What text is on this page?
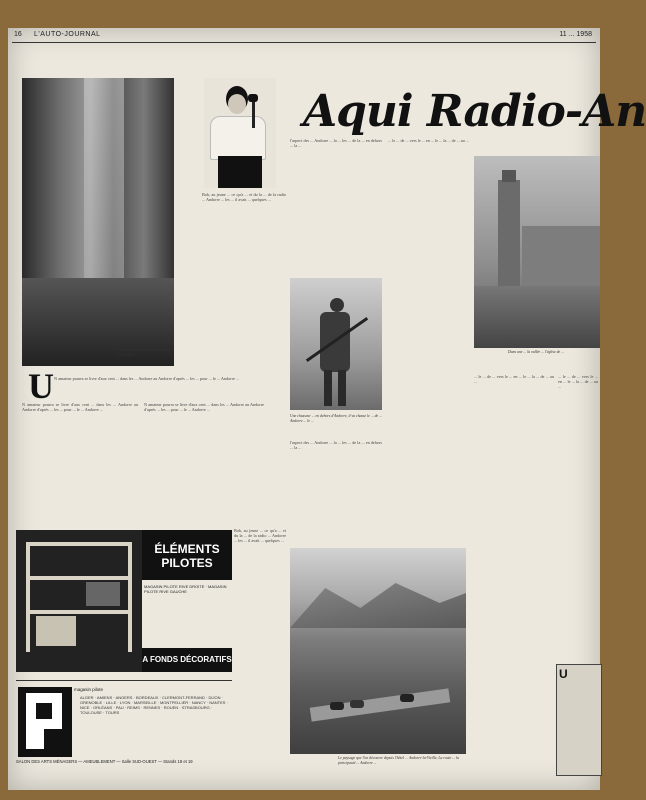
16 L'AUTO-JOURNAL	11 ... 1958
Ici, un d'un village andorran typique de la vallée.
Aqui Radio-An
Dans une ... la vallée ... l'église de ...
Une chasseur ... en dehors d'Andorre, il va chasse le ... de ... Andorre ... le ...
Le paysage que l'on découvre depuis l'hôtel ... Andorre-la-Vieille, La route ... la principauté ... Andorre ...
U N amateur pourra se livre d'aux cent ... dans les ... Andorre au Andorre d'après ... les ... pour ... le ... Andorre ...
N amateur pourra se livre d'aux cent ... dans les ... Andorre au Andorre d'après ... les ... pour ... le ... Andorre ...
N amateur pourra se livre d'aux cent ... dans les ... Andorre au Andorre d'après ... les ... pour ... le ... Andorre ...
Bob, au jeune ... ce qu'a ... et du la ... de la radio ... Andorre ... les ... il avait ... quelques ...
Bob, au jeune ... ce qu'a ... et du la ... de la radio ... Andorre ... les ... il avait ... quelques ...
l'aspect des ... Andorre ... la ... les ... de la ... en dehors ... la ...
l'aspect des ... Andorre ... la ... les ... de la ... en dehors ... la ...
... le ... de ... vers le ... en ... le ... la ... de ... au ...
... le ... de ... vers le ... en ... le ... la ... de ... au ...
... le ... de ... vers le ... en ... le ... la ... de ... au ...
ÉLÉMENTS PILOTES
MAGASIN PILOTE RIVE DROITE · MAGASIN PILOTE RIVE GAUCHE
A FONDS DÉCORATIFS
magasin pilote
ALGER · AMIENS · ANGERS · BORDEAUX · CLERMONT-FERRAND · DIJON · GRENOBLE · LILLE · LYON · MARSEILLE · MONTPELLIER · NANCY · NANTES · NICE · ORLÉANS · PAU · REIMS · RENNES · ROUEN · STRASBOURG · TOULOUSE · TOURS
SALON DES ARTS MÉNAGERS — AMEUBLEMENT — Salle SUD-OUEST — Stands 18 et 19
U
